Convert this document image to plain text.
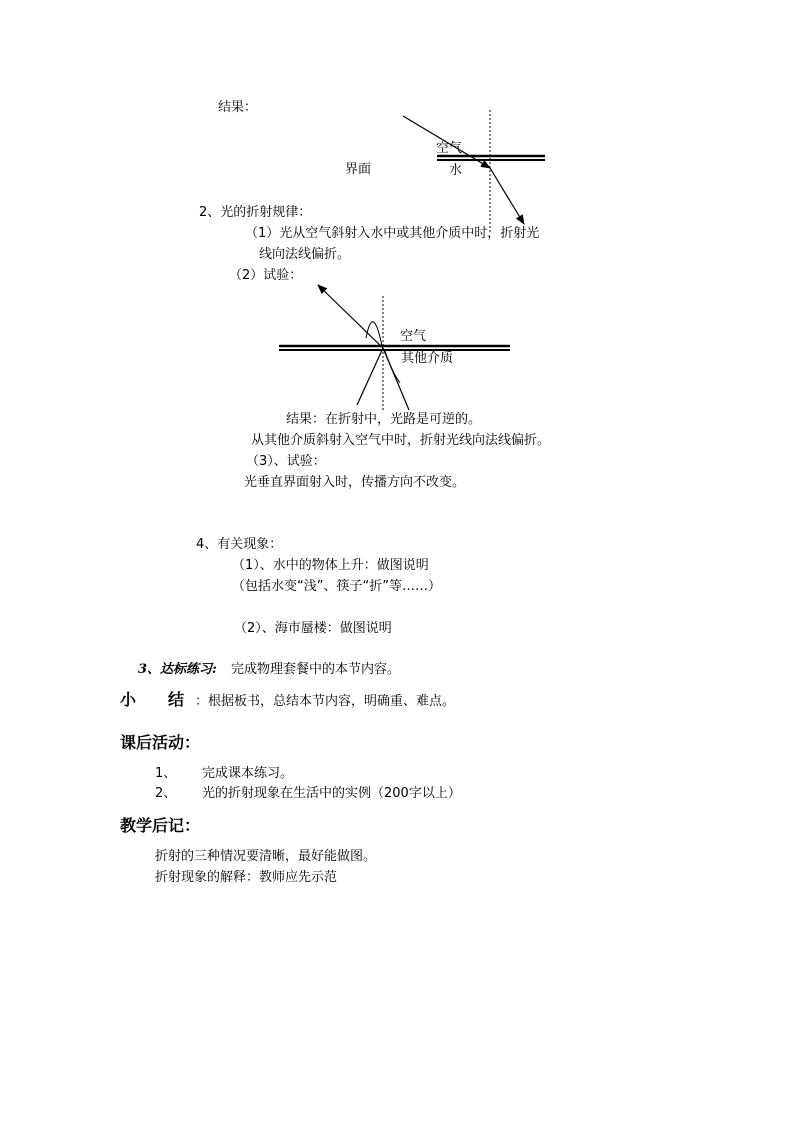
结果：
界面
空气
水
2、光的折射规律：
（1）光从空气斜射入水中或其他介质中时，折射光
线向法线偏折。
（2）试验：
空气
其他介质
结果：在折射中，光路是可逆的。
从其他介质斜射入空气中时，折射光线向法线偏折。
（3）、试验：
光垂直界面射入时，传播方向不改变。
4、有关现象：
（1）、水中的物体上升：做图说明
（包括水变“浅”、筷子“折”等……）
（2）、海市蜃楼：做图说明
3、达标练习: 完成物理套餐中的本节内容。
小　　结 ：根据板书，总结本节内容，明确重、难点。
课后活动：
1、 完成课本练习。
2、 光的折射现象在生活中的实例（200字以上）
教学后记：
折射的三种情况要清晰，最好能做图。
折射现象的解释：教师应先示范
